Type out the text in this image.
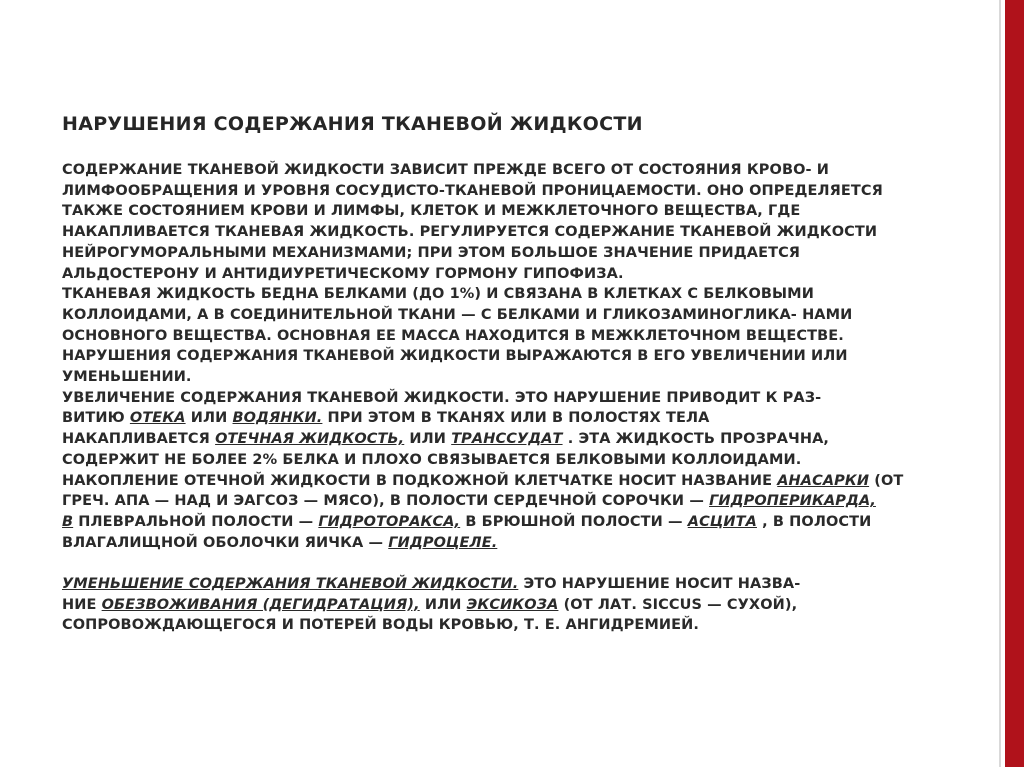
НАРУШЕНИЯ СОДЕРЖАНИЯ ТКАНЕВОЙ ЖИДКОСТИ
СОДЕРЖАНИЕ ТКАНЕВОЙ ЖИДКОСТИ ЗАВИСИТ ПРЕЖДЕ ВСЕГО ОТ СОСТОЯНИЯ КРОВО- И
ЛИМФООБРАЩЕНИЯ И УРОВНЯ СОСУДИСТО-ТКАНЕВОЙ ПРОНИЦАЕМОСТИ. ОНО ОПРЕДЕЛЯЕТСЯ
ТАКЖЕ СОСТОЯНИЕМ КРОВИ И ЛИМФЫ, КЛЕТОК И МЕЖКЛЕТОЧНОГО ВЕЩЕСТВА, ГДЕ
НАКАПЛИВАЕТСЯ ТКАНЕВАЯ ЖИДКОСТЬ. РЕГУЛИРУЕТСЯ СОДЕРЖАНИЕ ТКАНЕВОЙ ЖИДКОСТИ
НЕЙРОГУМОРАЛЬНЫМИ МЕХАНИЗМАМИ; ПРИ ЭТОМ БОЛЬШОЕ ЗНАЧЕНИЕ ПРИДАЕТСЯ
АЛЬДОСТЕРОНУ И АНТИДИУРЕТИЧЕСКОМУ ГОРМОНУ ГИПОФИЗА.
ТКАНЕВАЯ ЖИДКОСТЬ БЕДНА БЕЛКАМИ (ДО 1%) И СВЯЗАНА В КЛЕТКАХ С БЕЛКОВЫМИ
КОЛЛОИДАМИ, А В СОЕДИНИТЕЛЬНОЙ ТКАНИ — С БЕЛКАМИ И ГЛИКОЗАМИНОГЛИКА- НАМИ
ОСНОВНОГО ВЕЩЕСТВА. ОСНОВНАЯ ЕЕ МАССА НАХОДИТСЯ В МЕЖКЛЕТОЧНОМ ВЕЩЕСТВЕ.
НАРУШЕНИЯ СОДЕРЖАНИЯ ТКАНЕВОЙ ЖИДКОСТИ ВЫРАЖАЮТСЯ В ЕГО УВЕЛИЧЕНИИ ИЛИ
УМЕНЬШЕНИИ.
УВЕЛИЧЕНИЕ СОДЕРЖАНИЯ ТКАНЕВОЙ ЖИДКОСТИ. ЭТО НАРУШЕНИЕ ПРИВОДИТ К РАЗ-
ВИТИЮ ОТЕКА ИЛИ ВОДЯНКИ. ПРИ ЭТОМ В ТКАНЯХ ИЛИ В ПОЛОСТЯХ ТЕЛА
НАКАПЛИВАЕТСЯ ОТЕЧНАЯ ЖИДКОСТЬ, ИЛИ ТРАНССУДАТ . ЭТА ЖИДКОСТЬ ПРОЗРАЧНА,
СОДЕРЖИТ НЕ БОЛЕЕ 2% БЕЛКА И ПЛОХО СВЯЗЫВАЕТСЯ БЕЛКОВЫМИ КОЛЛОИДАМИ.
НАКОПЛЕНИЕ ОТЕЧНОЙ ЖИДКОСТИ В ПОДКОЖНОЙ КЛЕТЧАТКЕ НОСИТ НАЗВАНИЕ АНАСАРКИ (ОТ
ГРЕЧ. АПА — НАД И ЭАГСОЗ — МЯСО), В ПОЛОСТИ СЕРДЕЧНОЙ СОРОЧКИ — ГИДРОПЕРИКАРДА,
В ПЛЕВРАЛЬНОЙ ПОЛОСТИ — ГИДРОТОРАКСА, В БРЮШНОЙ ПОЛОСТИ — АСЦИТА , В ПОЛОСТИ
ВЛАГАЛИЩНОЙ ОБОЛОЧКИ ЯИЧКА — ГИДРОЦЕЛЕ.
УМЕНЬШЕНИЕ СОДЕРЖАНИЯ ТКАНЕВОЙ ЖИДКОСТИ. ЭТО НАРУШЕНИЕ НОСИТ НАЗВА-
НИЕ ОБЕЗВОЖИВАНИЯ (ДЕГИДРАТАЦИЯ), ИЛИ ЭКСИКОЗА (ОТ ЛАТ. SICCUS — СУХОЙ),
СОПРОВОЖДАЮЩЕГОСЯ И ПОТЕРЕЙ ВОДЫ КРОВЬЮ, Т. Е. АНГИДРЕМИЕЙ.
